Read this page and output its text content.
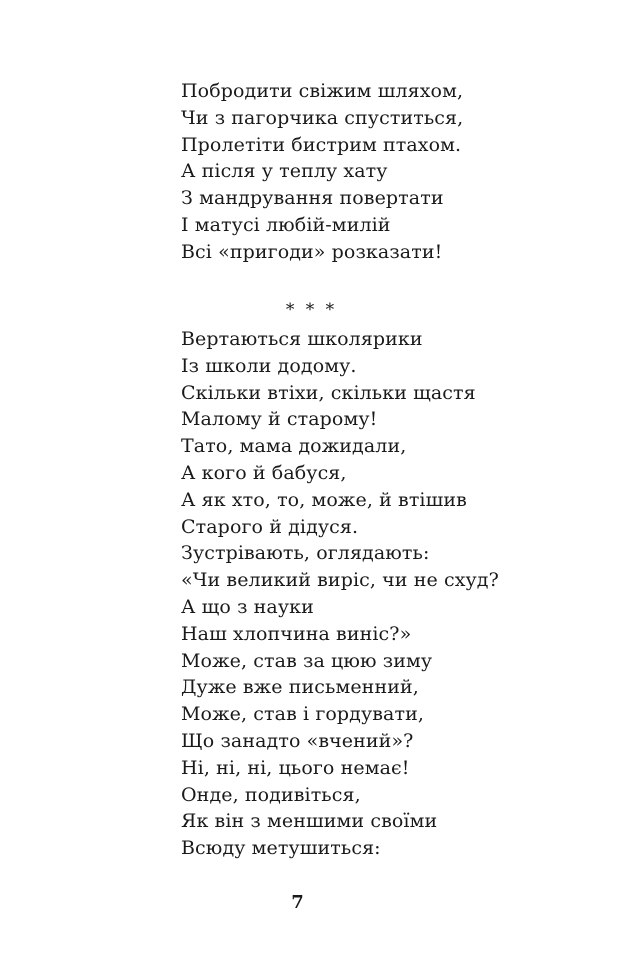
Побродити свіжим шляхом,
Чи з пагорчика спуститься,
Пролетіти бистрим птахом.
А після у теплу хату
З мандрування повертати
І матусі любій-милій
Всі «пригоди» розказати!
* * *
Вертаються школярики
Із школи додому.
Скільки втіхи, скільки щастя
Малому й старому!
Тато, мама дожидали,
А кого й бабуся,
А як хто, то, може, й втішив
Старого й дідуся.
Зустрівають, оглядають:
«Чи великий виріс, чи не схуд?
А що з науки
Наш хлопчина виніс?»
Може, став за цюю зиму
Дуже вже письменний,
Може, став і гордувати,
Що занадто «вчений»?
Ні, ні, ні, цього немає!
Онде, подивіться,
Як він з меншими своїми
Всюду метушиться:
7
